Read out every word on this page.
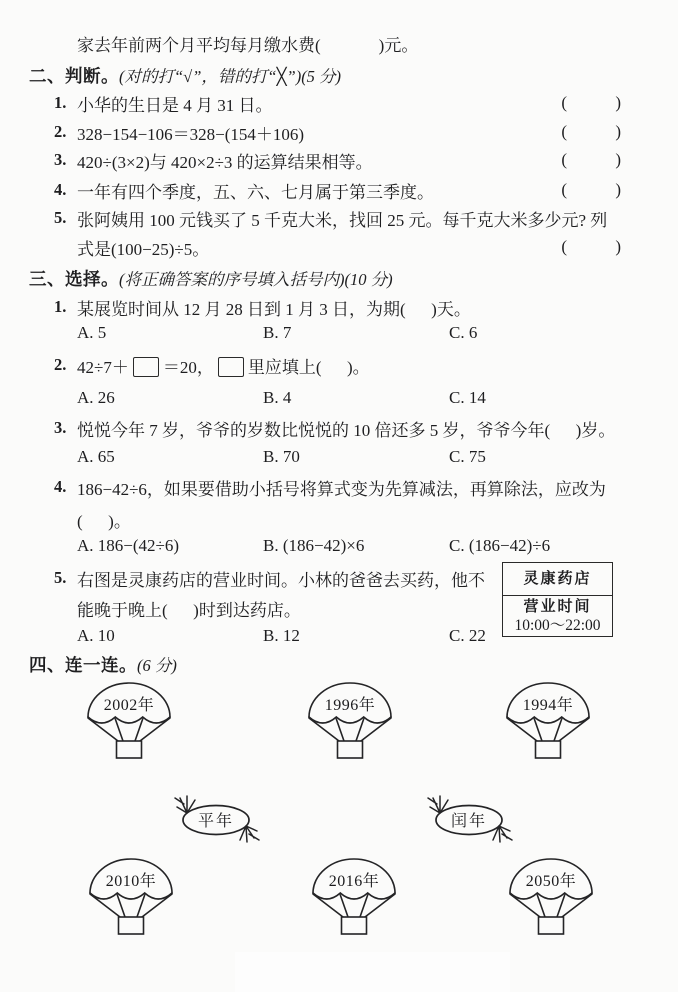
家去年前两个月平均每月缴水费(	)元。
二、判断。 (对的打“√”，错的打“╳”) (5 分)
1. 小华的生日是 4 月 31 日。	(         )
2. 328−154−106＝328−(154＋106)	(         )
3. 420÷(3×2)与 420×2÷3 的运算结果相等。	(         )
4. 一年有四个季度，五、六、七月属于第三季度。	(         )
5. 张阿姨用 100 元钱买了 5 千克大米，找回 25 元。每千克大米多少元? 列
式是(100−25)÷5。	(         )
三、选择。 (将正确答案的序号填入括号内) (10 分)
1. 某展览时间从 12 月 28 日到 1 月 3 日，为期(      )天。
A. 5	B. 7	C. 6
2. 42÷7＋ ＝20， 里应填上(      )。
A. 26	B. 4	C. 14
3. 悦悦今年 7 岁，爷爷的岁数比悦悦的 10 倍还多 5 岁，爷爷今年(      )岁。
A. 65	B. 70	C. 75
4. 186−42÷6，如果要借助小括号将算式变为先算减法，再算除法，应改为
(      )。
A. 186−(42÷6)	B. (186−42)×6	C. (186−42)÷6
5. 右图是灵康药店的营业时间。小林的爸爸去买药，他不
能晚于晚上(      )时到达药店。
A. 10	B. 12	C. 22
灵康药店
营业时间
10:00～22:00
四、连一连。 (6 分)
2002年	1996年	1994年
平年	闰年
2010年	2016年	2050年
